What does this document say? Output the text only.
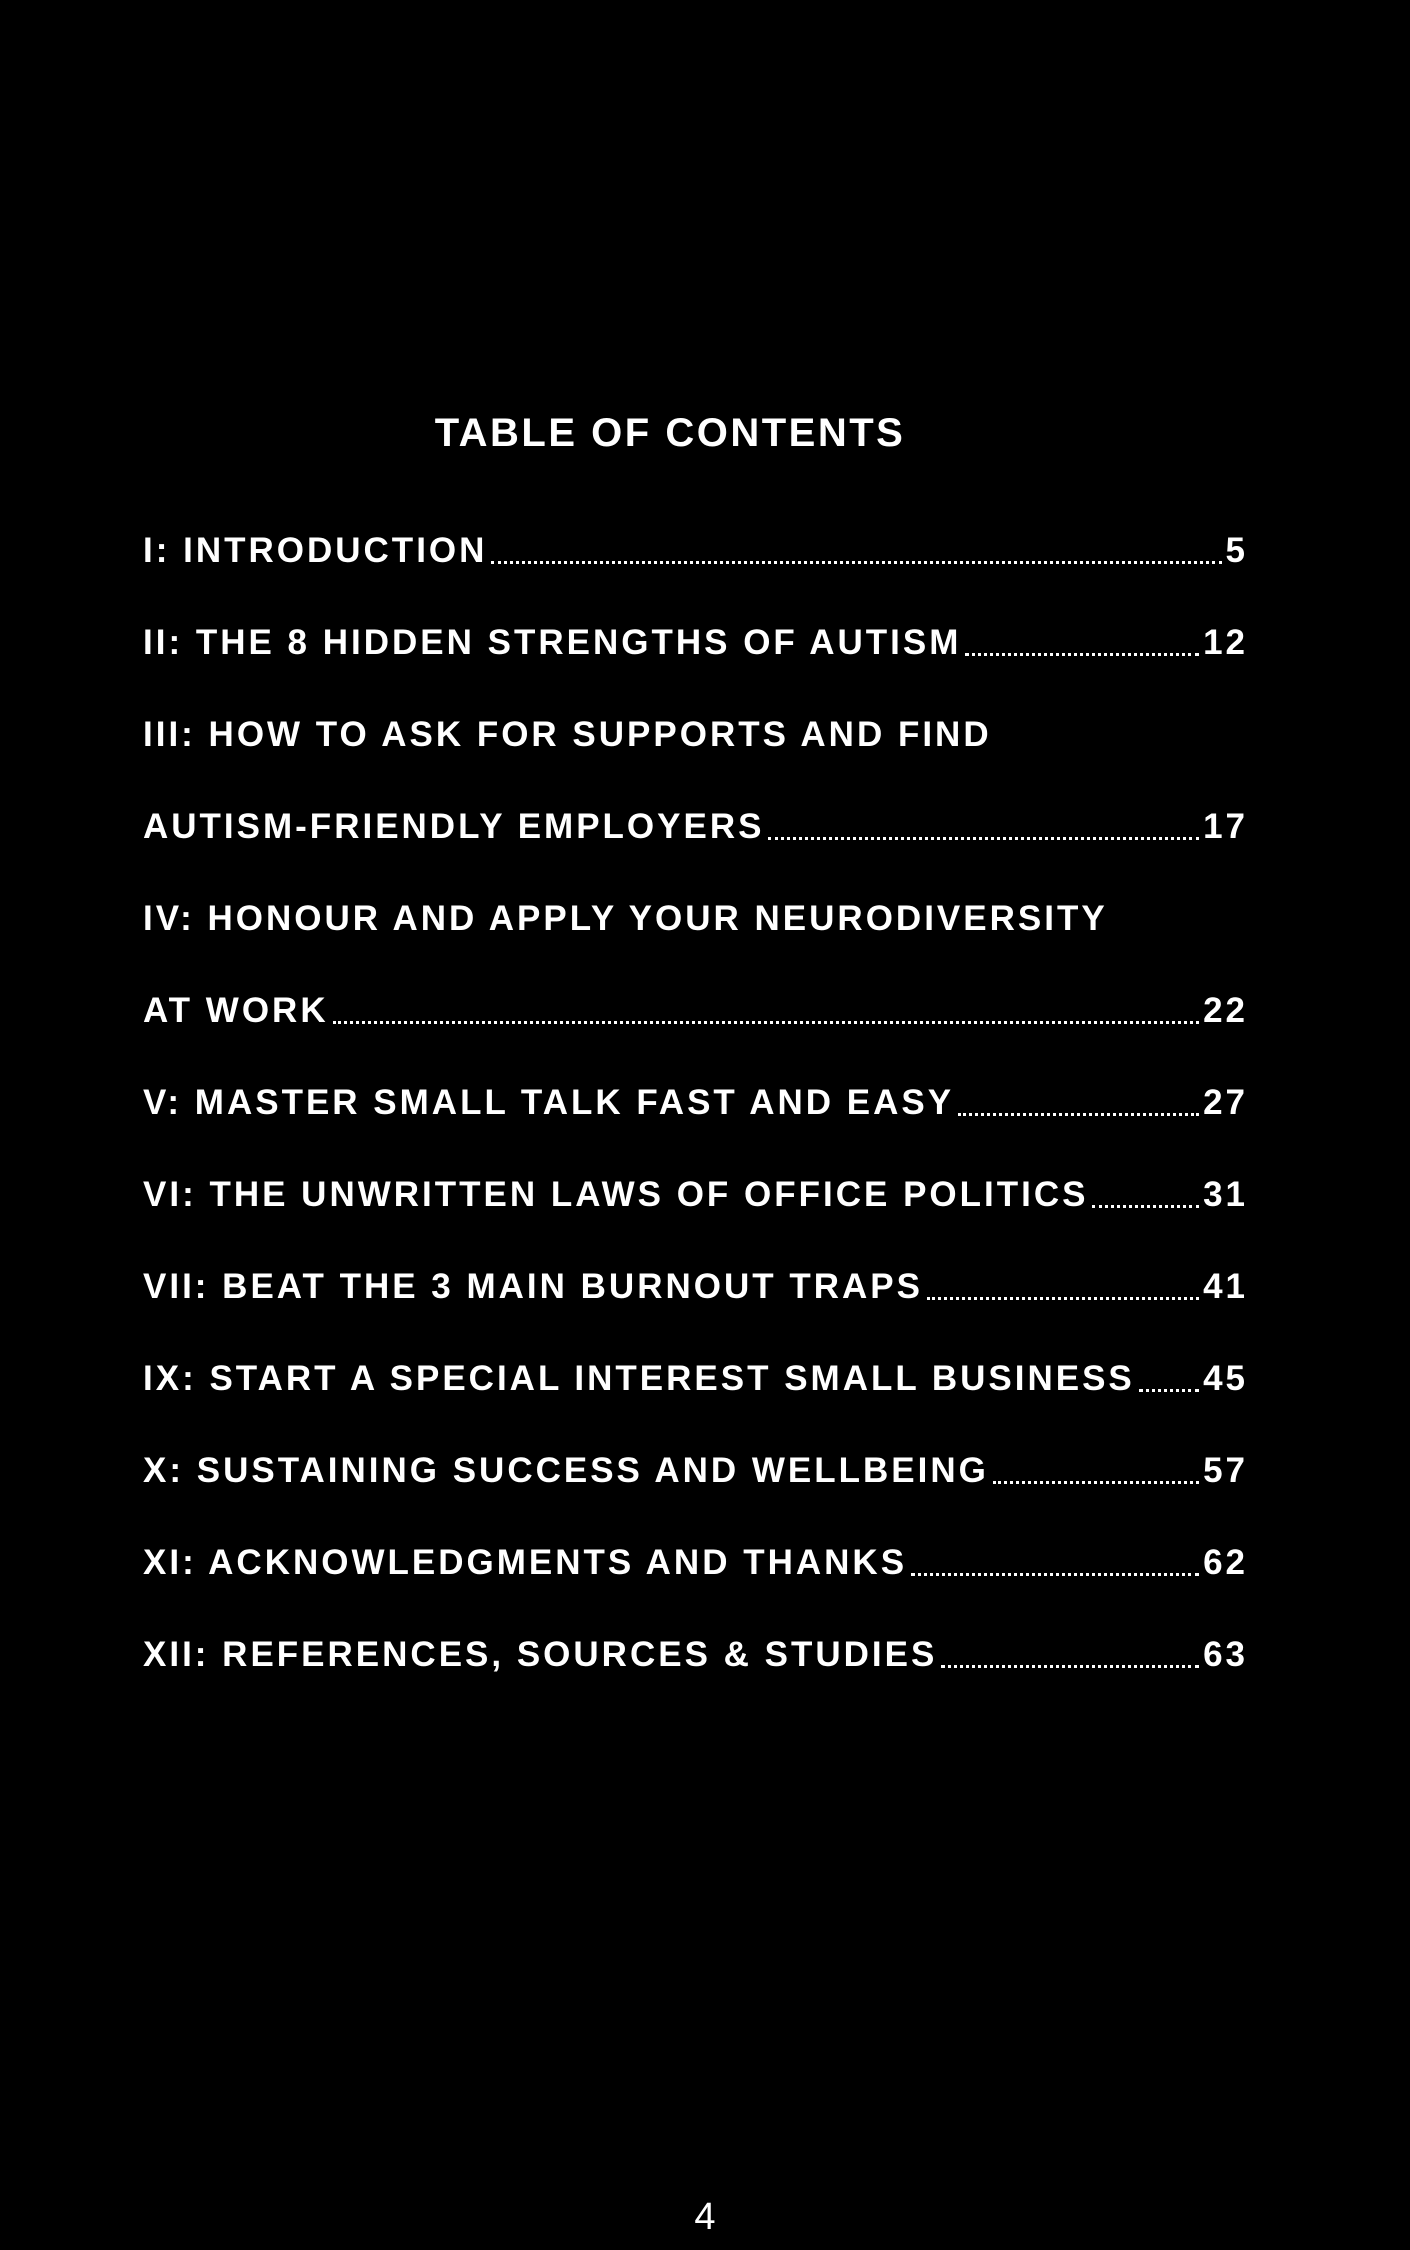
TABLE OF CONTENTS
I: INTRODUCTION	5
II: THE 8 HIDDEN STRENGTHS OF AUTISM	12
III: HOW TO ASK FOR SUPPORTS AND FIND
AUTISM-FRIENDLY EMPLOYERS	17
IV: HONOUR AND APPLY YOUR NEURODIVERSITY
AT WORK	22
V: MASTER SMALL TALK FAST AND EASY	27
VI: THE UNWRITTEN LAWS OF OFFICE POLITICS	31
VII: BEAT THE 3 MAIN BURNOUT TRAPS	41
IX: START A SPECIAL INTEREST SMALL BUSINESS 45
X: SUSTAINING SUCCESS AND WELLBEING	57
XI: ACKNOWLEDGMENTS AND THANKS	62
XII: REFERENCES, SOURCES & STUDIES	63
4
